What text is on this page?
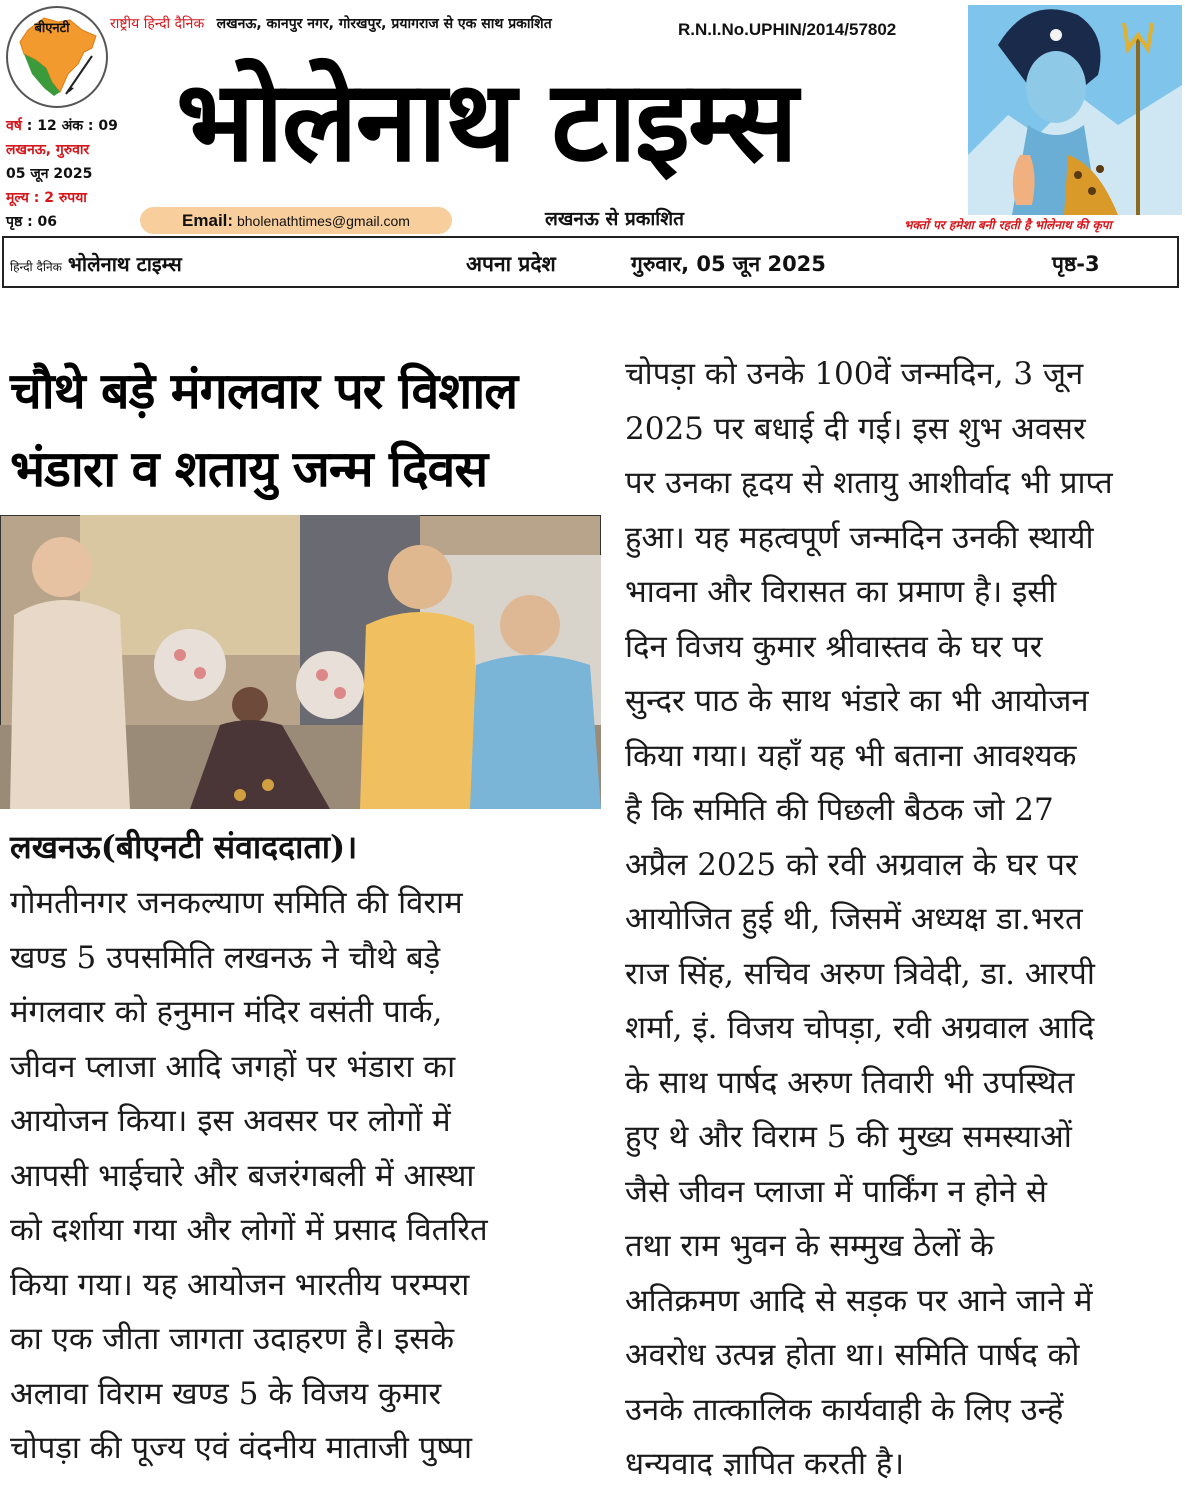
बीएनटी	राष्ट्रीय हिन्दी दैनिक लखनऊ, कानपुर नगर, गोरखपुर, प्रयागराज से एक साथ प्रकाशित	R.N.I.No.UPHIN/2014/57802
भोलेनाथ टाइम्स
वर्ष : 12 अंक : 09
लखनऊ, गुरुवार
05 जून 2025
मूल्य : 2 रुपया
पृष्ठ : 06	Email: bholenathtimes@gmail.com	लखनऊ से प्रकाशित	भक्तों पर हमेशा बनी रहती है भोलेनाथ की कृपा
हिन्दी दैनिक भोलेनाथ टाइम्स	अपना प्रदेश	गुरुवार, 05 जून 2025	पृष्ठ-3
चौथे बड़े मंगलवार पर विशाल
भंडारा व शतायु जन्म दिवस
लखनऊ(बीएनटी संवाददाता)।
गोमतीनगर जनकल्याण समिति की विराम
खण्ड 5 उपसमिति लखनऊ ने चौथे बड़े
मंगलवार को हनुमान मंदिर वसंती पार्क,
जीवन प्लाजा आदि जगहों पर भंडारा का
आयोजन किया। इस अवसर पर लोगों में
आपसी भाईचारे और बजरंगबली में आस्था
को दर्शाया गया और लोगों में प्रसाद वितरित
किया गया। यह आयोजन भारतीय परम्परा
का एक जीता जागता उदाहरण है। इसके
अलावा विराम खण्ड 5 के विजय कुमार
चोपड़ा की पूज्य एवं वंदनीय माताजी पुष्पा
चोपड़ा को उनके 100वें जन्मदिन, 3 जून
2025 पर बधाई दी गई। इस शुभ अवसर
पर उनका हृदय से शतायु आशीर्वाद भी प्राप्त
हुआ। यह महत्वपूर्ण जन्मदिन उनकी स्थायी
भावना और विरासत का प्रमाण है। इसी
दिन विजय कुमार श्रीवास्तव के घर पर
सुन्दर पाठ के साथ भंडारे का भी आयोजन
किया गया। यहाँ यह भी बताना आवश्यक
है कि समिति की पिछली बैठक जो 27
अप्रैल 2025 को रवी अग्रवाल के घर पर
आयोजित हुई थी, जिसमें अध्यक्ष डा.भरत
राज सिंह, सचिव अरुण त्रिवेदी, डा. आरपी
शर्मा, इं. विजय चोपड़ा, रवी अग्रवाल आदि
के साथ पार्षद अरुण तिवारी भी उपस्थित
हुए थे और विराम 5 की मुख्य समस्याओं
जैसे जीवन प्लाजा में पार्किंग न होने से
तथा राम भुवन के सम्मुख ठेलों के
अतिक्रमण आदि से सड़क पर आने जाने में
अवरोध उत्पन्न होता था। समिति पार्षद को
उनके तात्कालिक कार्यवाही के लिए उन्हें
धन्यवाद ज्ञापित करती है।
